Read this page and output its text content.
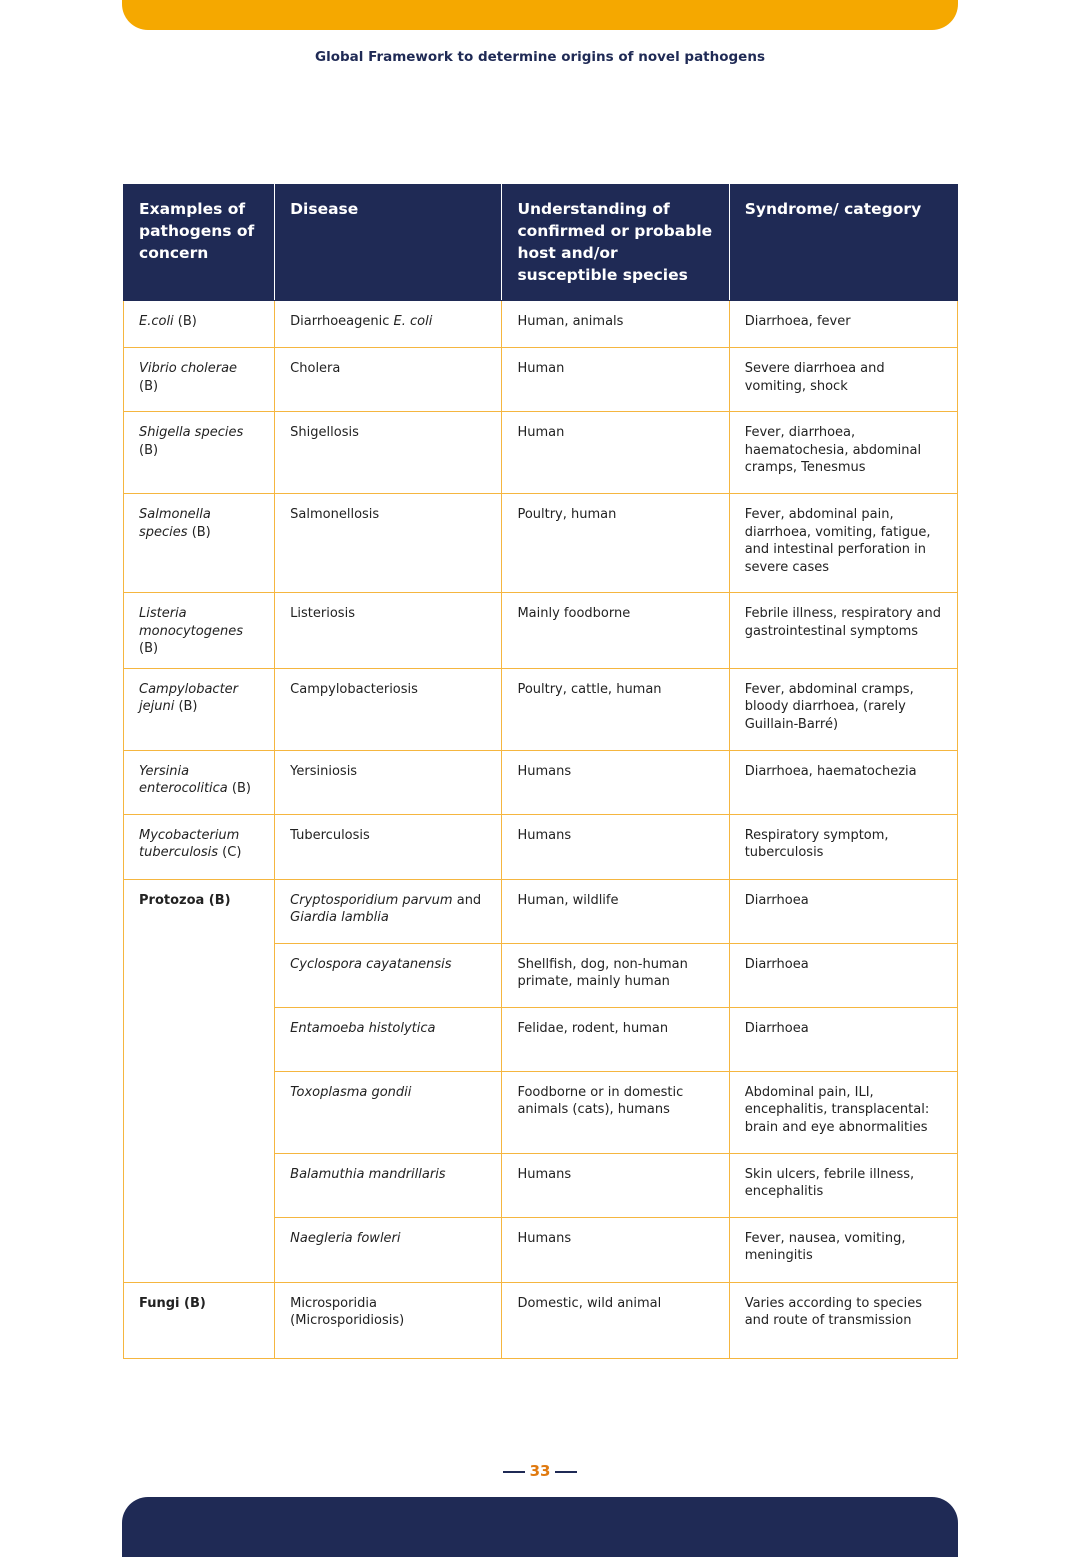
Global Framework to determine origins of novel pathogens
Examples of pathogens of concern	Disease	Understanding of confirmed or probable host and/or susceptible species	Syndrome/ category
E.coli (B)	Diarrhoeagenic E. coli	Human, animals	Diarrhoea, fever
Vibrio cholerae (B)	Cholera	Human	Severe diarrhoea and vomiting, shock
Shigella species (B)	Shigellosis	Human	Fever, diarrhoea, haematochesia, abdominal cramps, Tenesmus
Salmonella species (B)	Salmonellosis	Poultry, human	Fever, abdominal pain, diarrhoea, vomiting, fatigue, and intestinal perforation in severe cases
Listeria monocytogenes (B)	Listeriosis	Mainly foodborne	Febrile illness, respiratory and gastrointestinal symptoms
Campylobacter jejuni (B)	Campylobacteriosis	Poultry, cattle, human	Fever, abdominal cramps, bloody diarrhoea, (rarely Guillain-Barré)
Yersinia enterocolitica (B)	Yersiniosis	Humans	Diarrhoea, haematochezia
Mycobacterium tuberculosis (C)	Tuberculosis	Humans	Respiratory symptom, tuberculosis
Protozoa (B)	Cryptosporidium parvum and Giardia lamblia	Human, wildlife	Diarrhoea
	Cyclospora cayatanensis	Shellfish, dog, non-human primate, mainly human	Diarrhoea
	Entamoeba histolytica	Felidae, rodent, human	Diarrhoea
	Toxoplasma gondii	Foodborne or in domestic animals (cats), humans	Abdominal pain, ILI, encephalitis, transplacental: brain and eye abnormalities
	Balamuthia mandrillaris	Humans	Skin ulcers, febrile illness, encephalitis
	Naegleria fowleri	Humans	Fever, nausea, vomiting, meningitis
Fungi (B)	Microsporidia (Microsporidiosis)	Domestic, wild animal	Varies according to species and route of transmission
33
